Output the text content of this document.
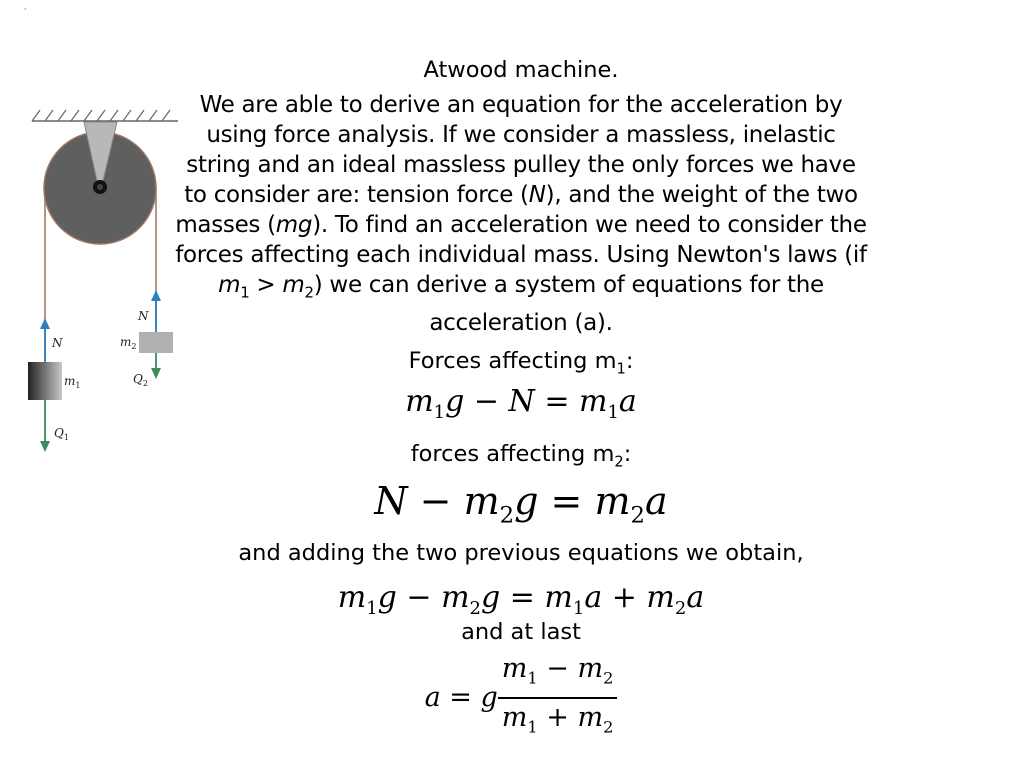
,
N
N
$m_1$
$m_2$
$Q_1$
$Q_2$

Atwood machine.

We are able to derive an equation for the acceleration by using force analysis. If we consider a massless, inelastic string and an ideal massless pulley the only forces we have to consider are: tension force (N), and the weight of the two masses (mg). To find an acceleration we need to consider the forces affecting each individual mass. Using Newton's laws (if $m_1 > m_2$) we can derive a system of equations for the acceleration (a).

Forces affecting $m_1$:

$m_1g - N = m_1a$

forces affecting $m_2$:

$N - m_2g = m_2a$

and adding the two previous equations we obtain,

$m_1g - m_2g = m_1a + m_2a$

and at last

a = g $\frac{m_1 - m_2}{m_1 + m_2}$
